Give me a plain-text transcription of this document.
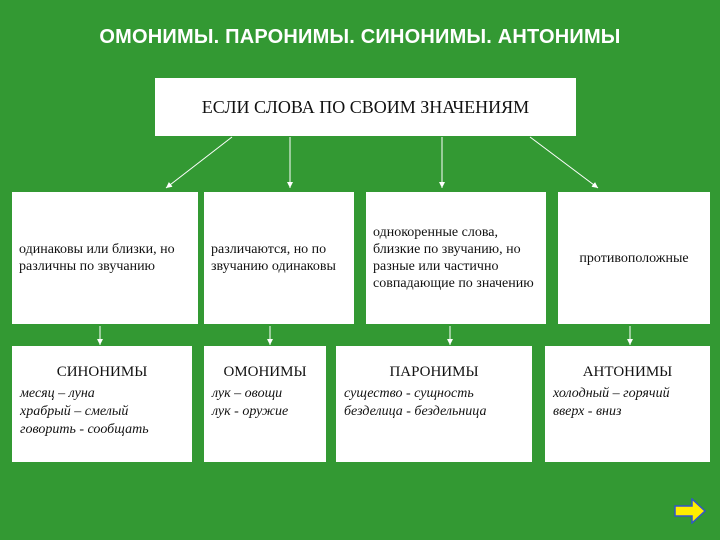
ОМОНИМЫ. ПАРОНИМЫ. СИНОНИМЫ. АНТОНИМЫ
ЕСЛИ СЛОВА ПО СВОИМ ЗНАЧЕНИЯМ
одинаковы или близки, но различны по звучанию
различаются, но по звучанию одинаковы
однокоренные слова, близкие по звучанию, но разные или частично совпадающие по значению
противоположные
СИНОНИМЫ
месяц – луна
храбрый – смелый
говорить - сообщать
ОМОНИМЫ
лук – овощи
лук - оружие
ПАРОНИМЫ
существо - сущность
безделица - бездельница
АНТОНИМЫ
холодный – горячий
вверх - вниз
